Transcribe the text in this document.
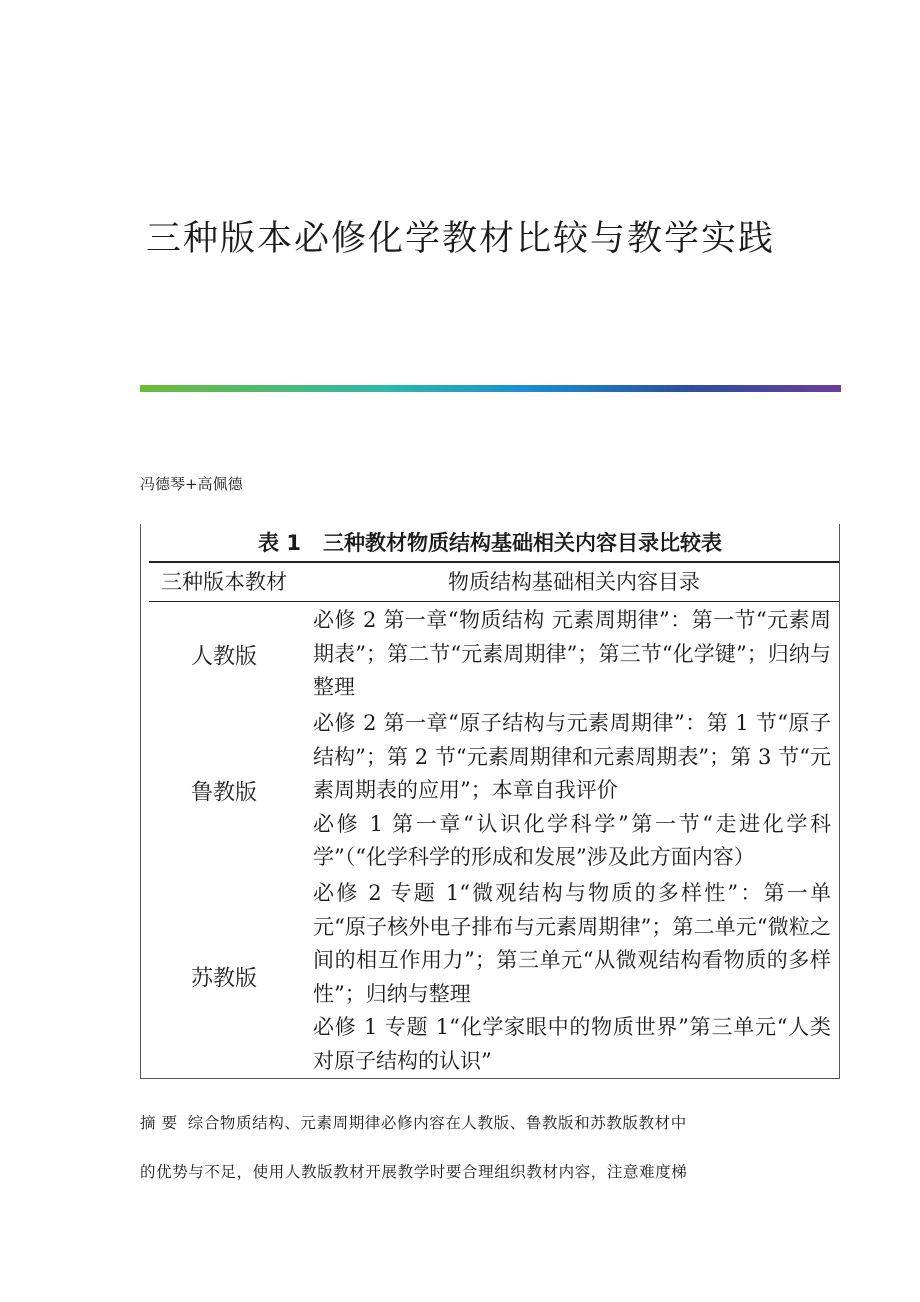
三种版本必修化学教材比较与教学实践
冯德琴+高佩德
表 1 三种教材物质结构基础相关内容目录比较表
三种版本教材	物质结构基础相关内容目录
人教版
必修 2 第一章“物质结构 元素周期律”：第一节“元素周期表”；第二节“元素周期律”；第三节“化学键”；归纳与整理
鲁教版
必修 2 第一章“原子结构与元素周期律”：第 1 节“原子结构”；第 2 节“元素周期律和元素周期表”；第 3 节“元素周期表的应用”；本章自我评价
必修 1 第一章“认识化学科学”第一节“走进化学科学”（“化学科学的形成和发展”涉及此方面内容）
苏教版
必修 2 专题 1“微观结构与物质的多样性”：第一单元“原子核外电子排布与元素周期律”；第二单元“微粒之间的相互作用力”；第三单元“从微观结构看物质的多样性”；归纳与整理
必修 1 专题 1“化学家眼中的物质世界”第三单元“人类对原子结构的认识”
摘 要 综合物质结构、元素周期律必修内容在人教版、鲁教版和苏教版教材中
的优势与不足，使用人教版教材开展教学时要合理组织教材内容，注意难度梯
